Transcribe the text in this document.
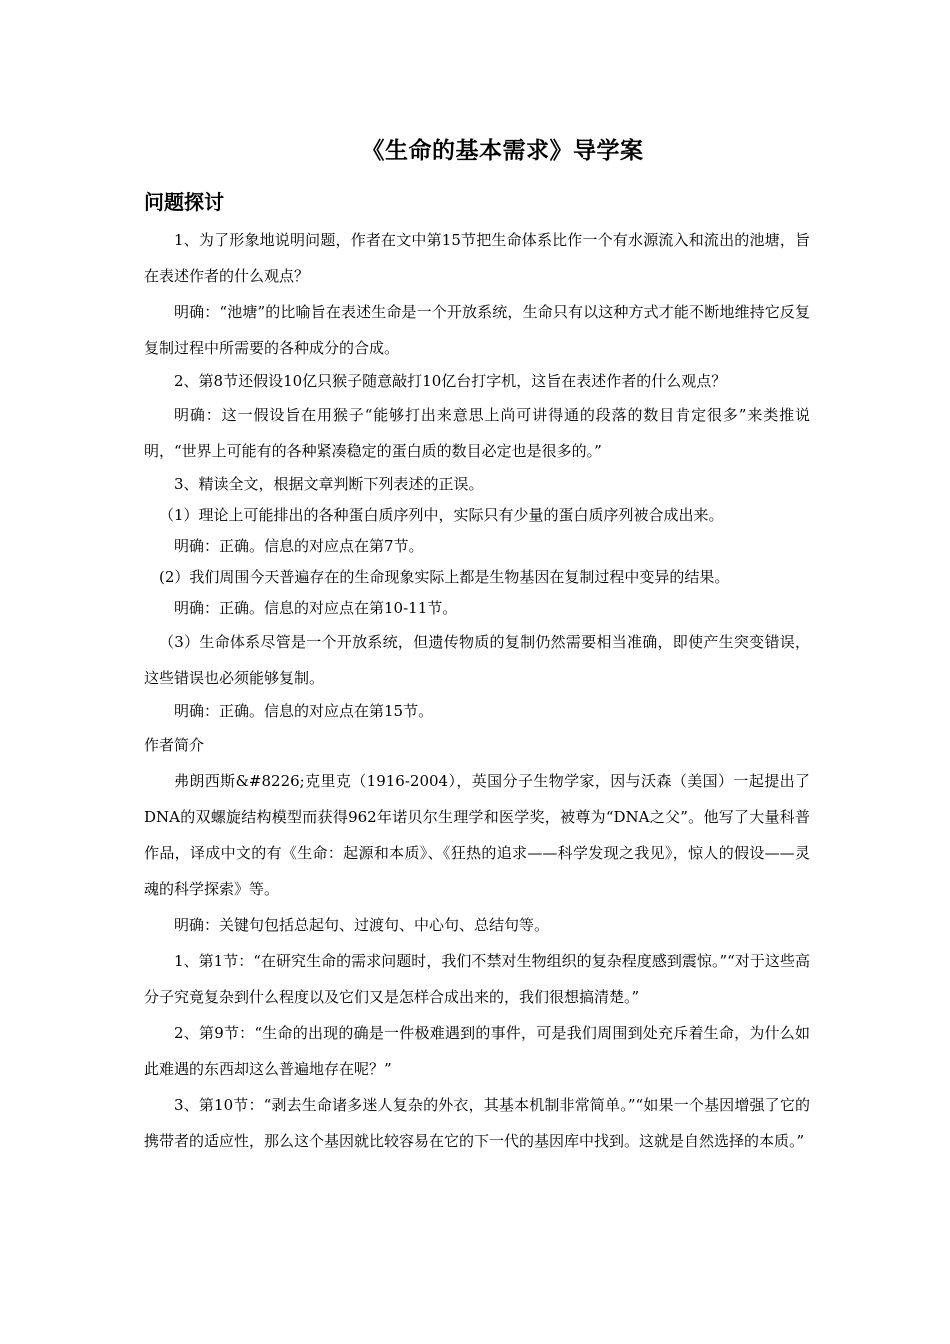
《生命的基本需求》导学案
问题探讨

1、为了形象地说明问题，作者在文中第15节把生命体系比作一个有水源流入和流出的池塘，旨在表述作者的什么观点？

明确：“池塘”的比喻旨在表述生命是一个开放系统，生命只有以这种方式才能不断地维持它反复复制过程中所需要的各种成分的合成。

2、第8节还假设10亿只猴子随意敲打10亿台打字机，这旨在表述作者的什么观点？

明确：这一假设旨在用猴子“能够打出来意思上尚可讲得通的段落的数目肯定很多”来类推说明，“世界上可能有的各种紧凑稳定的蛋白质的数目必定也是很多的。”

3、精读全文，根据文章判断下列表述的正误。

（1）理论上可能排出的各种蛋白质序列中，实际只有少量的蛋白质序列被合成出来。

明确：正确。信息的对应点在第7节。

(2）我们周围今天普遍存在的生命现象实际上都是生物基因在复制过程中变异的结果。

明确：正确。信息的对应点在第10-11节。

（3）生命体系尽管是一个开放系统，但遗传物质的复制仍然需要相当准确，即使产生突变错误，这些错误也必须能够复制。

明确：正确。信息的对应点在第15节。

作者简介

弗朗西斯&#8226;克里克（1916-2004），英国分子生物学家，因与沃森（美国）一起提出了DNA的双螺旋结构模型而获得962年诺贝尔生理学和医学奖，被尊为“DNA之父”。他写了大量科普作品，译成中文的有《生命：起源和本质》、《狂热的追求——科学发现之我见》，惊人的假设——灵魂的科学探索》等。

明确：关键句包括总起句、过渡句、中心句、总结句等。

1、第1节：“在研究生命的需求问题时，我们不禁对生物组织的复杂程度感到震惊。”“对于这些高分子究竟复杂到什么程度以及它们又是怎样合成出来的，我们很想搞清楚。”

2、第9节：“生命的出现的确是一件极难遇到的事件，可是我们周围到处充斥着生命，为什么如此难遇的东西却这么普遍地存在呢？”

3、第10节：“剥去生命诸多迷人复杂的外衣，其基本机制非常简单。”“如果一个基因增强了它的携带者的适应性，那么这个基因就比较容易在它的下一代的基因库中找到。这就是自然选择的本质。”
